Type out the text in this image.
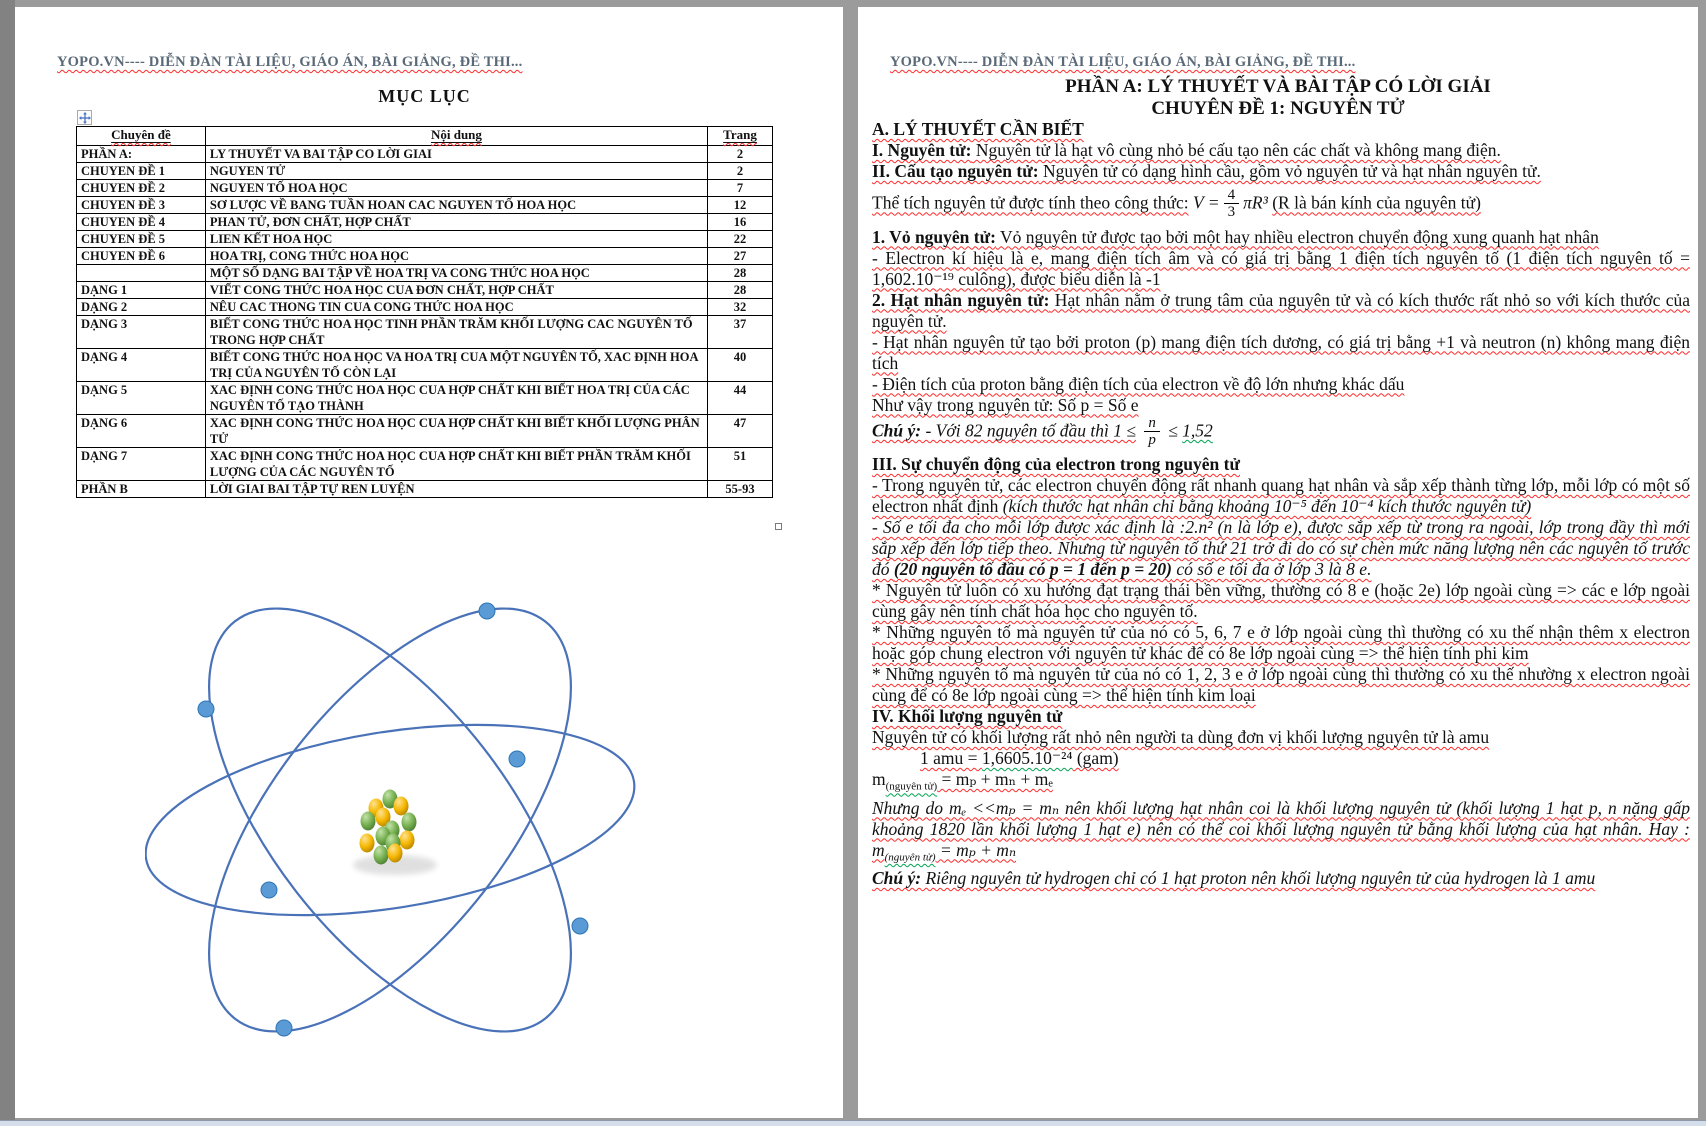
YOPO.VN---- DIỄN ĐÀN TÀI LIỆU, GIÁO ÁN, BÀI GIẢNG, ĐỀ THI...
MỤC LỤC
Chuyên đề	Nội dung	Trang
PHẦN A:	LY THUYẾT VA BAI TẬP CO LỜI GIAI	2
CHUYEN ĐỀ 1	NGUYEN TỬ	2
CHUYEN ĐỀ 2	NGUYEN TỐ HOA HỌC	7
CHUYEN ĐỀ 3	SƠ LƯỢC VỀ BANG TUẦN HOAN CAC NGUYEN TỐ HOA HỌC	12
CHUYEN ĐỀ 4	PHAN TỬ, ĐƠN CHẤT, HỢP CHẤT	16
CHUYEN ĐỀ 5	LIEN KẾT HOA HỌC	22
CHUYEN ĐỀ 6	HOA TRỊ, CONG THỨC HOA HỌC	27
	MỘT SỐ DẠNG BAI TẬP VỀ HOA TRỊ VA CONG THỨC HOA HỌC	28
DẠNG 1	VIẾT CONG THỨC HOA HỌC CUA ĐƠN CHẤT, HỢP CHẤT	28
DẠNG 2	NÊU CAC THONG TIN CUA CONG THỨC HOA HỌC	32
DẠNG 3	BIẾT CONG THỨC HOA HỌC TINH PHẦN TRĂM KHỐI LƯỢNG CAC NGUYÊN TỐ TRONG HỢP CHẤT	37
DẠNG 4	BIẾT CONG THỨC HOA HỌC VA HOA TRỊ CUA MỘT NGUYÊN TỐ, XAC ĐỊNH HOA TRỊ CỦA NGUYÊN TỐ CÒN LẠI	40
DẠNG 5	XAC ĐỊNH CONG THỨC HOA HỌC CUA HỢP CHẤT KHI BIẾT HOA TRỊ CỦA CÁC NGUYÊN TỐ TẠO THÀNH	44
DẠNG 6	XAC ĐỊNH CONG THỨC HOA HỌC CUA HỢP CHẤT KHI BIẾT KHỐI LƯỢNG PHÂN TỬ	47
DẠNG 7	XAC ĐỊNH CONG THỨC HOA HỌC CUA HỢP CHẤT KHI BIẾT PHẦN TRĂM KHỐI LƯỢNG CỦA CÁC NGUYÊN TỐ	51
PHẦN B	LỜI GIAI BAI TẬP TỰ REN LUYỆN	55-93
YOPO.VN---- DIỄN ĐÀN TÀI LIỆU, GIÁO ÁN, BÀI GIẢNG, ĐỀ THI...
PHẦN A: LÝ THUYẾT VÀ BÀI TẬP CÓ LỜI GIẢI
CHUYÊN ĐỀ 1: NGUYÊN TỬ

A. LÝ THUYẾT CẦN BIẾT

I. Nguyên tử: Nguyên tử là hạt vô cùng nhỏ bé cấu tạo nên các chất và không mang điện.

II. Cấu tạo nguyên tử: Nguyên tử có dạng hình cầu, gồm vỏ nguyên tử và hạt nhân nguyên tử.

Thể tích nguyên tử được tính theo công thức: $V = \frac{4}{3} \pi R^3$ (R là bán kính của nguyên tử)

1. Vỏ nguyên tử: Vỏ nguyên tử được tạo bởi một hay nhiều electron chuyển động xung quanh hạt nhân

- Electron kí hiệu là e, mang điện tích âm và có giá trị bằng 1 điện tích nguyên tố (1 điện tích nguyên tố = 1,602.10⁻¹⁹ culông), được biểu diễn là -1

2. Hạt nhân nguyên tử: Hạt nhân nằm ở trung tâm của nguyên tử và có kích thước rất nhỏ so với kích thước của nguyên tử.

- Hạt nhân nguyên tử tạo bởi proton (p) mang điện tích dương, có giá trị bằng +1 và neutron (n) không mang điện tích

- Điện tích của proton bằng điện tích của electron về độ lớn nhưng khác dấu

Như vậy trong nguyên tử: Số p = Số e

Chú ý: - Với 82 nguyên tố đầu thì $1 \le \frac{n}{p} \le 1,52$

III. Sự chuyển động của electron trong nguyên tử

- Trong nguyên tử, các electron chuyển động rất nhanh quang hạt nhân và sắp xếp thành từng lớp, mỗi lớp có một số electron nhất định (kích thước hạt nhân chỉ bằng khoảng 10⁻⁵ đến 10⁻⁴ kích thước nguyên tử)

- Số e tối đa cho mỗi lớp được xác định là :2.n² (n là lớp e), được sắp xếp từ trong ra ngoài, lớp trong đầy thì mới sắp xếp đến lớp tiếp theo. Nhưng từ nguyên tố thứ 21 trở đi do có sự chèn mức năng lượng nên các nguyên tố trước đó (20 nguyên tố đầu có p = 1 đến p = 20) có số e tối đa ở lớp 3 là 8 e.

* Nguyên tử luôn có xu hướng đạt trạng thái bền vững, thường có 8 e (hoặc 2e) lớp ngoài cùng => các e lớp ngoài cùng gây nên tính chất hóa học cho nguyên tố.

* Những nguyên tố mà nguyên tử của nó có 5, 6, 7 e ở lớp ngoài cùng thì thường có xu thế nhận thêm x electron hoặc góp chung electron với nguyên tử khác để có 8e lớp ngoài cùng => thể hiện tính phi kim

* Những nguyên tố mà nguyên tử của nó có 1, 2, 3 e ở lớp ngoài cùng thì thường có xu thế nhường x electron ngoài cùng để có 8e lớp ngoài cùng => thể hiện tính kim loại

IV. Khối lượng nguyên tử

Nguyên tử có khối lượng rất nhỏ nên người ta dùng đơn vị khối lượng nguyên tử là amu

1 amu = 1,6605.10⁻²⁴ (gam)

$m_{(nguyên tử)} = m_p + m_n + m_e$

Nhưng do mₑ <<mₚ = mₙ nên khối lượng hạt nhân coi là khối lượng nguyên tử (khối lượng 1 hạt p, n nặng gấp khoảng 1820 lần khối lượng 1 hạt e) nên có thể coi khối lượng nguyên tử bằng khối lượng của hạt nhân. Hay : $m_{(nguyên tử)} = m_p + m_n$

Chú ý: Riêng nguyên tử hydrogen chỉ có 1 hạt proton nên khối lượng nguyên tử của hydrogen là 1 amu
